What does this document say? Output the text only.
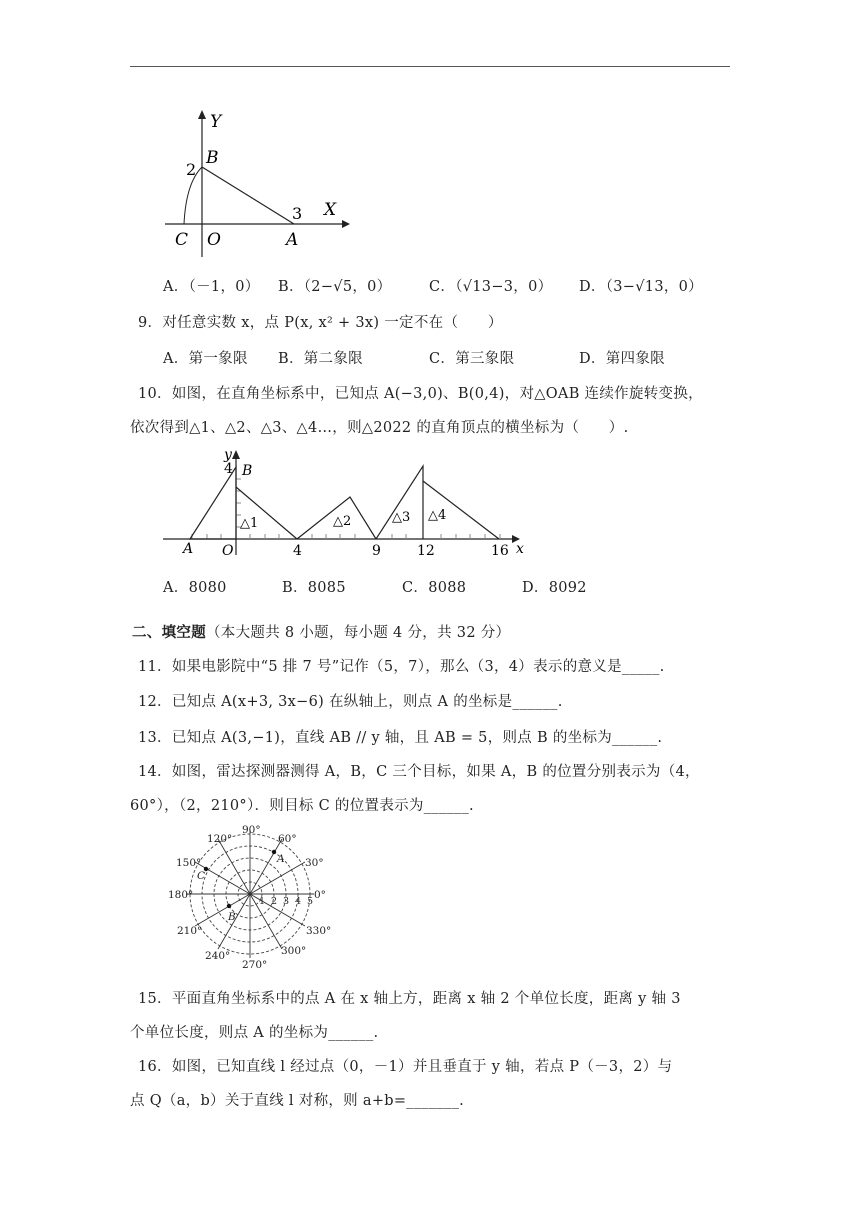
Y
B
2
3 X
C O	A
A．（－1，0） B．（2−√5，0）	C．（√13−3，0） D．（3−√13，0）
9．对任意实数 x，点 P(x, x² + 3x) 一定不在（　　）
A．第一象限 B．第二象限	C．第三象限	D．第四象限
10．如图，在直角坐标系中，已知点 A(−3,0)、B(0,4)，对△OAB 连续作旋转变换，
依次得到△1、△2、△3、△4…，则△2022 的直角顶点的横坐标为（　　）.
y
4 B
△1	△2	△3 △4
A O	4	9	12	16 x
A．8080	B．8085	C．8088	D．8092
二、填空题（本大题共 8 小题，每小题 4 分，共 32 分）
11．如果电影院中“5 排 7 号”记作（5，7），那么（3，4）表示的意义是_____.
12．已知点 A(x+3, 3x−6) 在纵轴上，则点 A 的坐标是______.
13．已知点 A(3,−1)，直线 AB // y 轴，且 AB = 5，则点 B 的坐标为______.
14．如图，雷达探测器测得 A，B，C 三个目标，如果 A，B 的位置分别表示为（4，
60°），（2，210°）．则目标 C 的位置表示为______.
90°
120°	60°
150°	30°
180°	0°
210°	330°
240°	300°
270°
A
B
C
1 2 3 4 5
15．平面直角坐标系中的点 A 在 x 轴上方，距离 x 轴 2 个单位长度，距离 y 轴 3
个单位长度，则点 A 的坐标为______.
16．如图，已知直线 l 经过点（0，－1）并且垂直于 y 轴，若点 P（－3，2）与
点 Q（a，b）关于直线 l 对称，则 a+b=_______.
